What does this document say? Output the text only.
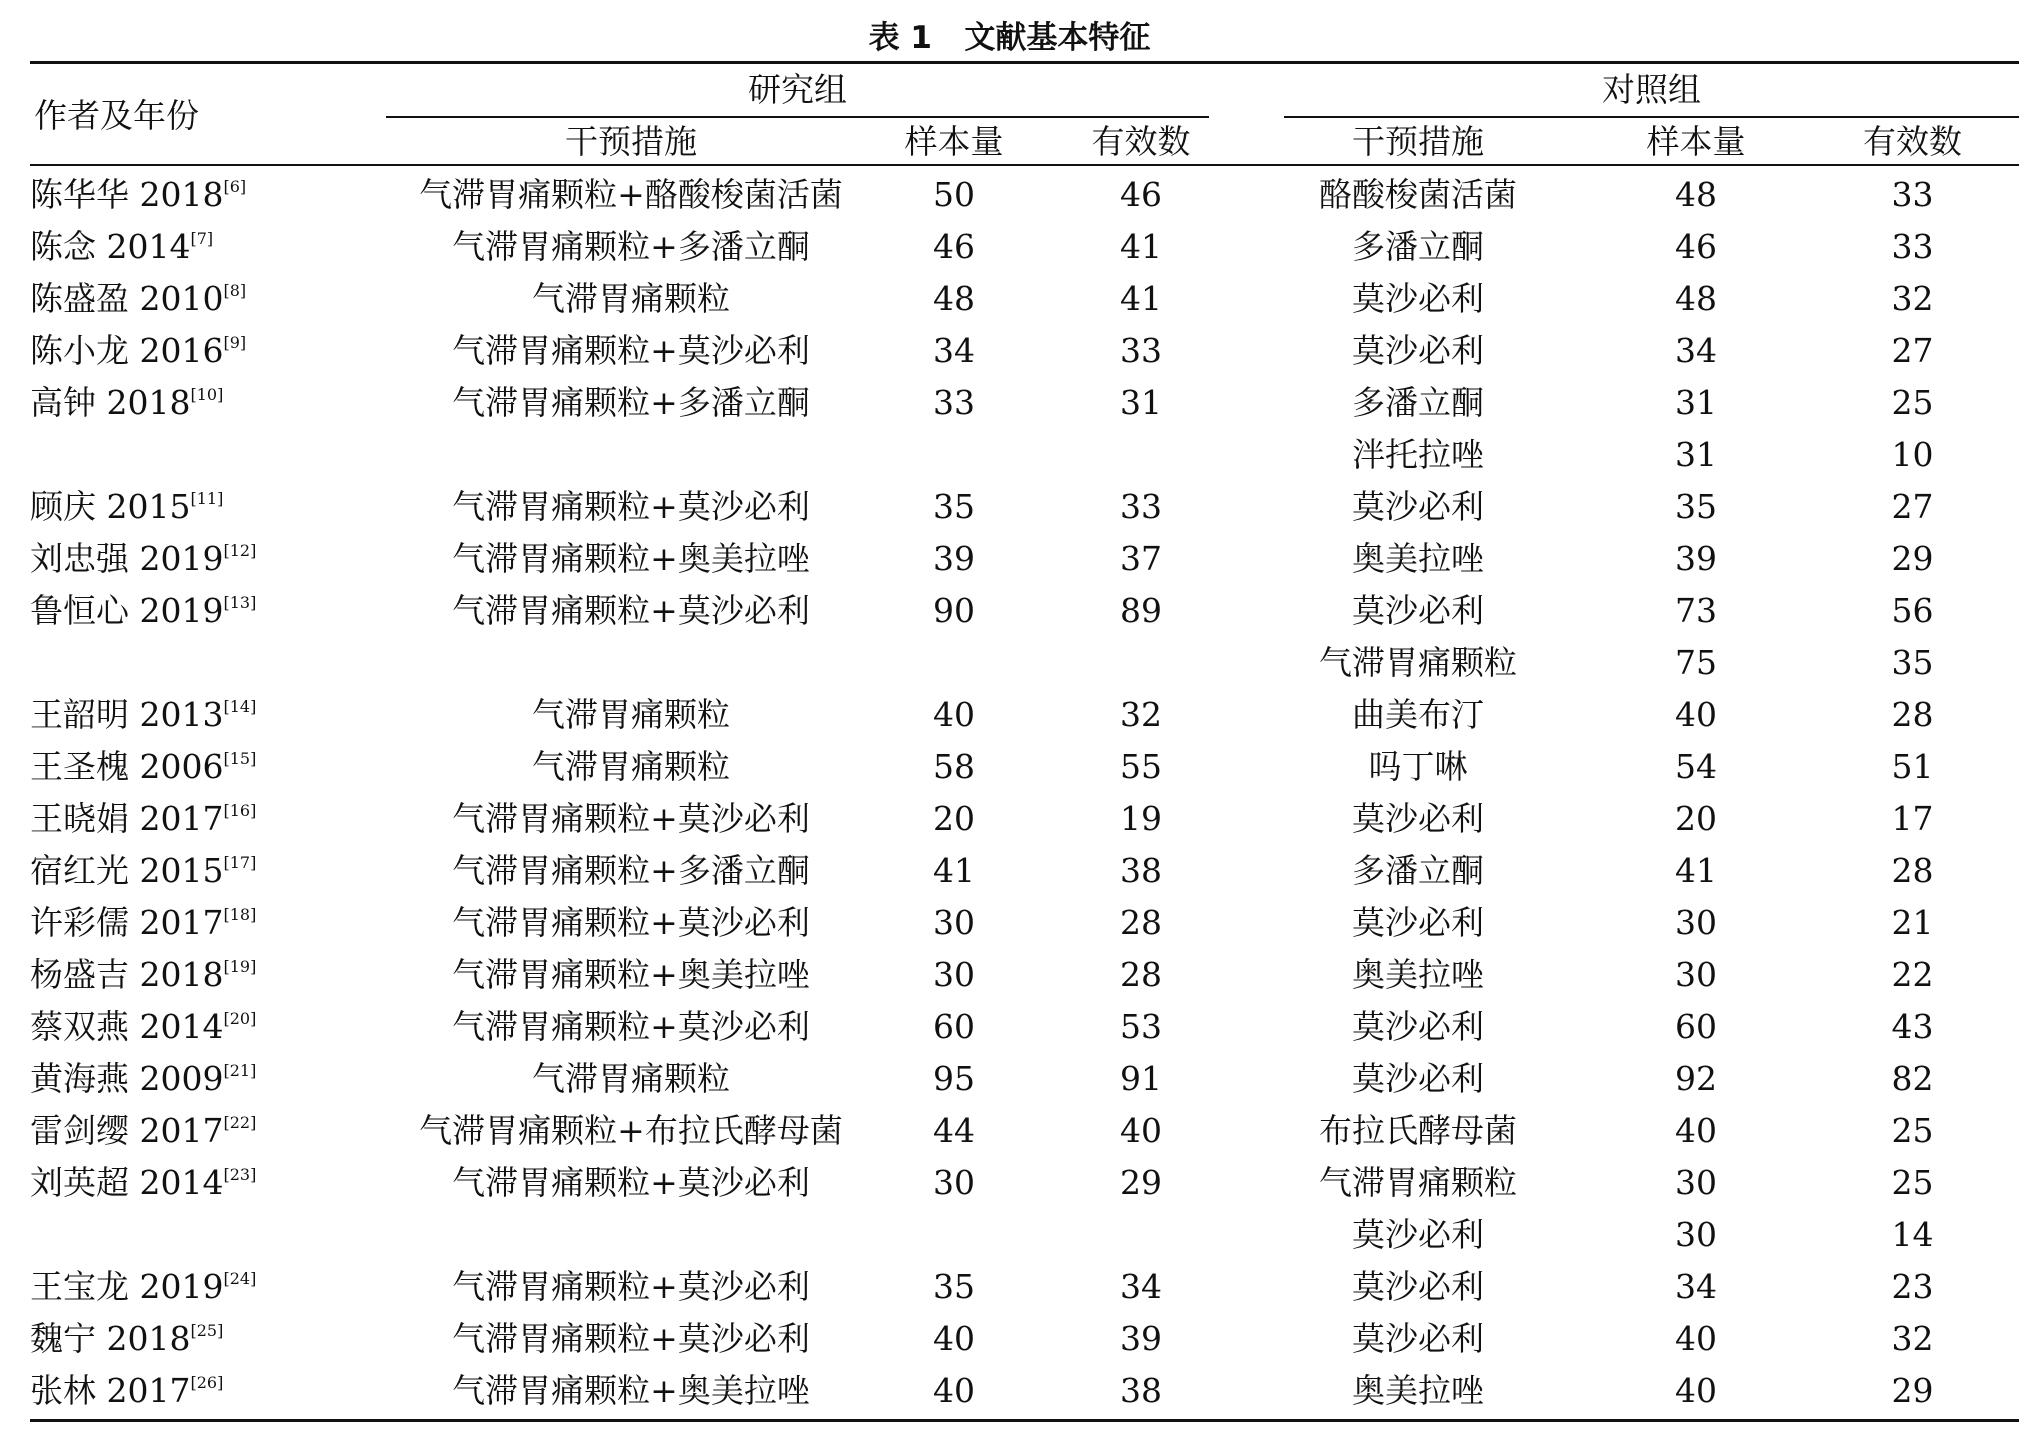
表 1   文献基本特征
作者及年份
研究组	对照组
干预措施	样本量	有效数	干预措施	样本量	有效数
陈华华 2018[6]	气滞胃痛颗粒+酪酸梭菌活菌	50	46	酪酸梭菌活菌	48	33
陈念 2014[7]	气滞胃痛颗粒+多潘立酮	46	41	多潘立酮	46	33
陈盛盈 2010[8]	气滞胃痛颗粒	48	41	莫沙必利	48	32
陈小龙 2016[9]	气滞胃痛颗粒+莫沙必利	34	33	莫沙必利	34	27
高钟 2018[10]	气滞胃痛颗粒+多潘立酮	33	31	多潘立酮	31	25
				泮托拉唑	31	10
顾庆 2015[11]	气滞胃痛颗粒+莫沙必利	35	33	莫沙必利	35	27
刘忠强 2019[12]	气滞胃痛颗粒+奥美拉唑	39	37	奥美拉唑	39	29
鲁恒心 2019[13]	气滞胃痛颗粒+莫沙必利	90	89	莫沙必利	73	56
				气滞胃痛颗粒	75	35
王韶明 2013[14]	气滞胃痛颗粒	40	32	曲美布汀	40	28
王圣槐 2006[15]	气滞胃痛颗粒	58	55	吗丁啉	54	51
王晓娟 2017[16]	气滞胃痛颗粒+莫沙必利	20	19	莫沙必利	20	17
宿红光 2015[17]	气滞胃痛颗粒+多潘立酮	41	38	多潘立酮	41	28
许彩儒 2017[18]	气滞胃痛颗粒+莫沙必利	30	28	莫沙必利	30	21
杨盛吉 2018[19]	气滞胃痛颗粒+奥美拉唑	30	28	奥美拉唑	30	22
蔡双燕 2014[20]	气滞胃痛颗粒+莫沙必利	60	53	莫沙必利	60	43
黄海燕 2009[21]	气滞胃痛颗粒	95	91	莫沙必利	92	82
雷剑缨 2017[22]	气滞胃痛颗粒+布拉氏酵母菌	44	40	布拉氏酵母菌	40	25
刘英超 2014[23]	气滞胃痛颗粒+莫沙必利	30	29	气滞胃痛颗粒	30	25
				莫沙必利	30	14
王宝龙 2019[24]	气滞胃痛颗粒+莫沙必利	35	34	莫沙必利	34	23
魏宁 2018[25]	气滞胃痛颗粒+莫沙必利	40	39	莫沙必利	40	32
张林 2017[26]	气滞胃痛颗粒+奥美拉唑	40	38	奥美拉唑	40	29
